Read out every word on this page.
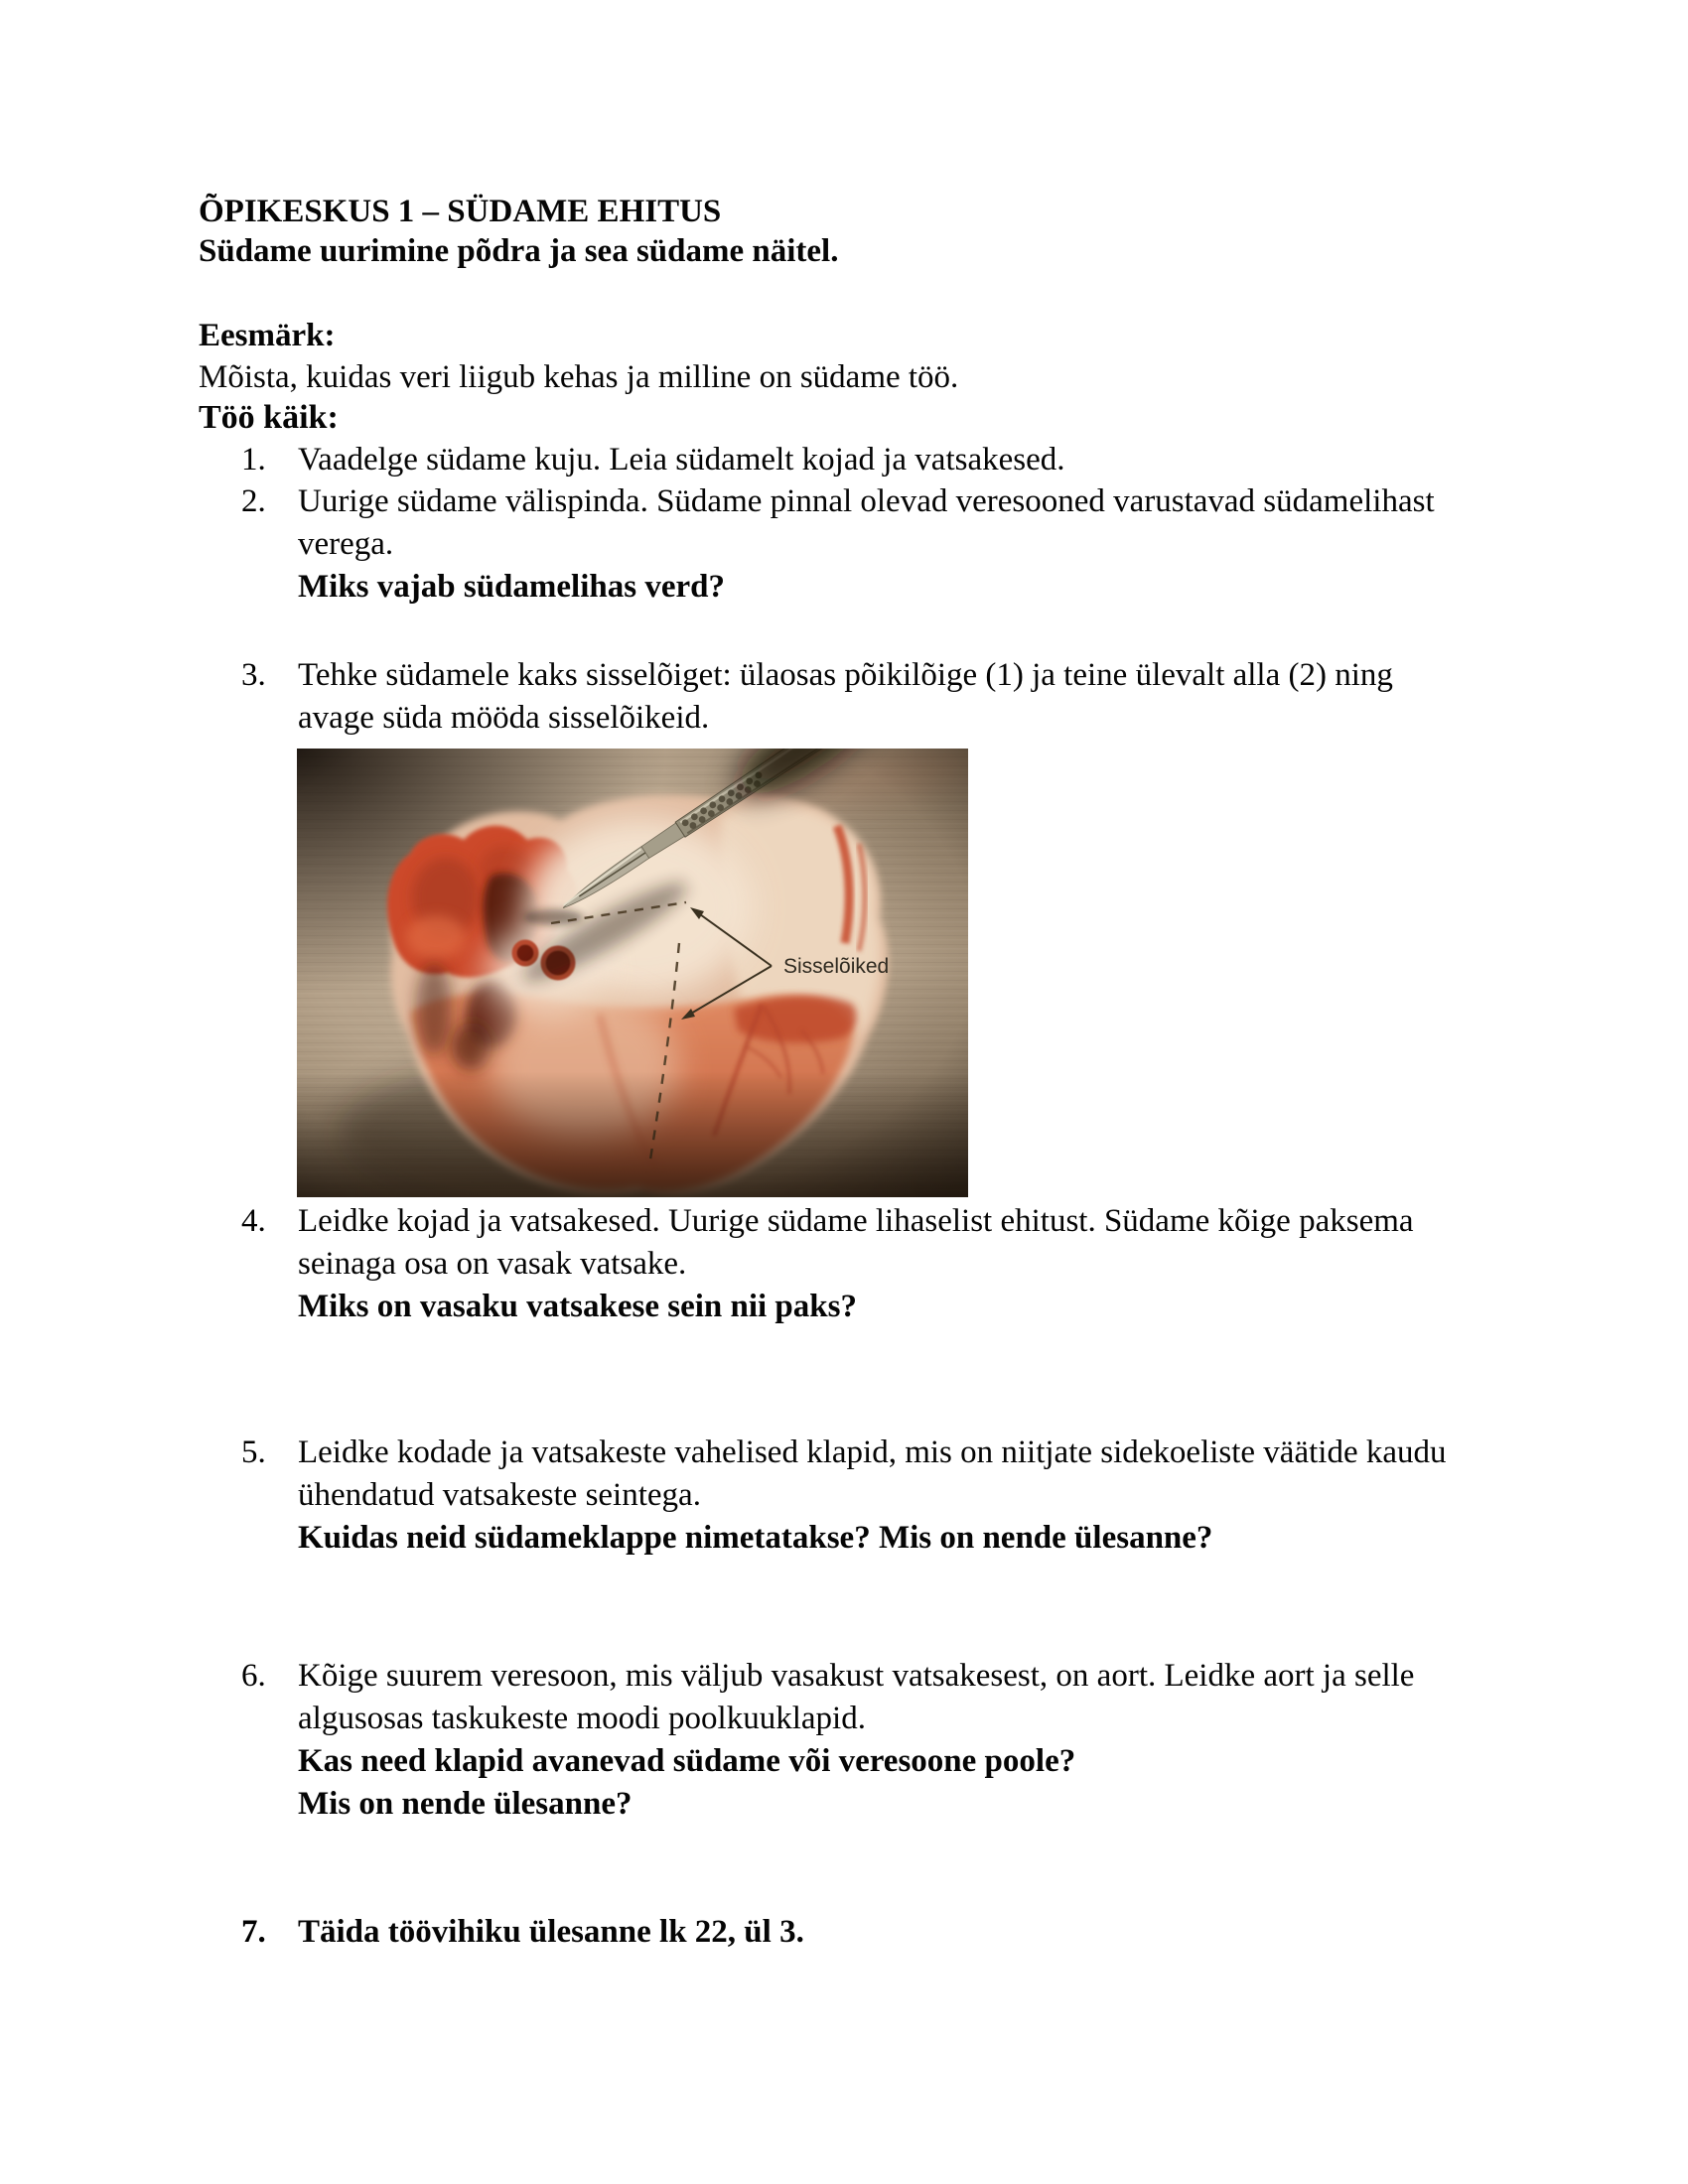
ÕPIKESKUS 1 – SÜDAME EHITUS
Südame uurimine põdra ja sea südame näitel.
Eesmärk:
Mõista, kuidas veri liigub kehas ja milline on südame töö.
Töö käik:
1. Vaadelge südame kuju. Leia südamelt kojad ja vatsakesed.
2. Uurige südame välispinda. Südame pinnal olevad veresooned varustavad südamelihast
verega.
Miks vajab südamelihas verd?
3. Tehke südamele kaks sisselõiget: ülaosas põikilõige (1) ja teine ülevalt alla (2) ning
avage süda mööda sisselõikeid.
4. Leidke kojad ja vatsakesed. Uurige südame lihaselist ehitust. Südame kõige paksema
seinaga osa on vasak vatsake.
Miks on vasaku vatsakese sein nii paks?
5. Leidke kodade ja vatsakeste vahelised klapid, mis on niitjate sidekoeliste väätide kaudu
ühendatud vatsakeste seintega.
Kuidas neid südameklappe nimetatakse? Mis on nende ülesanne?
6. Kõige suurem veresoon, mis väljub vasakust vatsakesest, on aort. Leidke aort ja selle
algusosas taskukeste moodi poolkuuklapid.
Kas need klapid avanevad südame või veresoone poole?
Mis on nende ülesanne?
7. Täida töövihiku ülesanne lk 22, ül 3.
